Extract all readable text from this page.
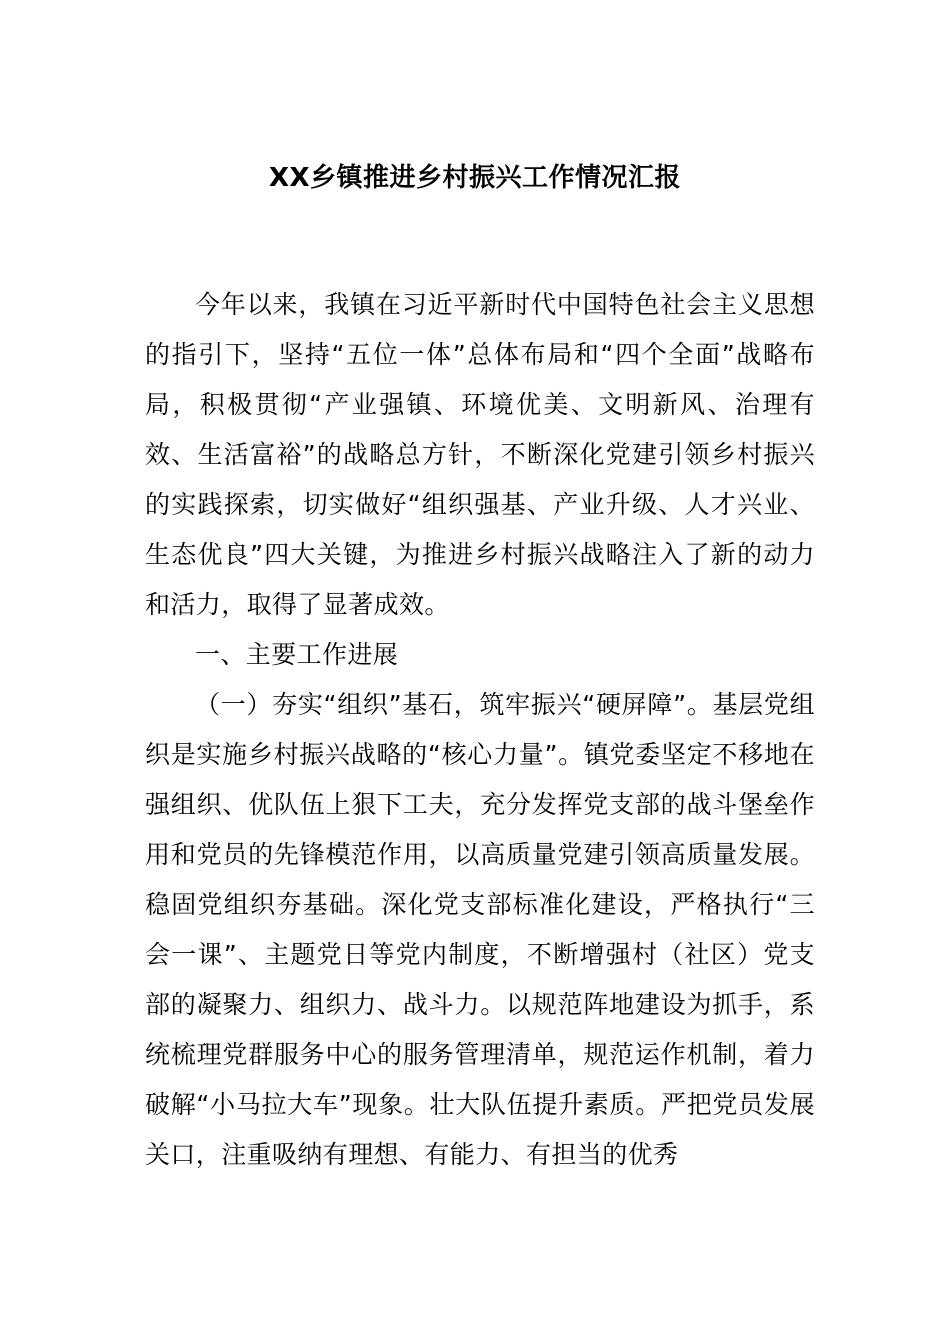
XX乡镇推进乡村振兴工作情况汇报

今年以来，我镇在习近平新时代中国特色社会主义思想的指引下，坚持“五位一体”总体布局和“四个全面”战略布局，积极贯彻“产业强镇、环境优美、文明新风、治理有效、生活富裕”的战略总方针，不断深化党建引领乡村振兴的实践探索，切实做好“组织强基、产业升级、人才兴业、生态优良”四大关键，为推进乡村振兴战略注入了新的动力和活力，取得了显著成效。

一、主要工作进展

（一）夯实“组织”基石，筑牢振兴“硬屏障”。基层党组织是实施乡村振兴战略的“核心力量”。镇党委坚定不移地在强组织、优队伍上狠下工夫，充分发挥党支部的战斗堡垒作用和党员的先锋模范作用，以高质量党建引领高质量发展。稳固党组织夯基础。深化党支部标准化建设，严格执行“三会一课”、主题党日等党内制度，不断增强村（社区）党支部的凝聚力、组织力、战斗力。以规范阵地建设为抓手，系统梳理党群服务中心的服务管理清单，规范运作机制，着力破解“小马拉大车”现象。壮大队伍提升素质。严把党员发展关口，注重吸纳有理想、有能力、有担当的优秀
